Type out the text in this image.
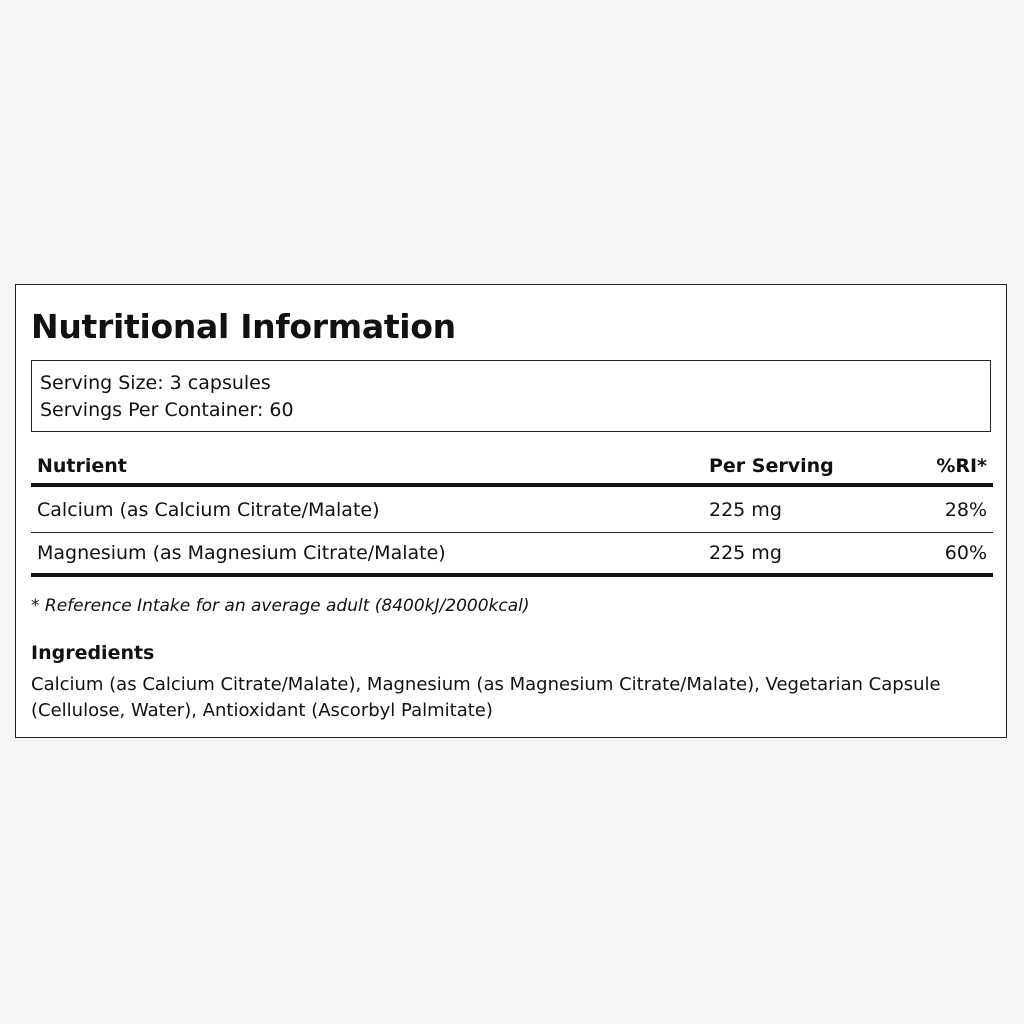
Nutritional Information
Serving Size: 3 capsules
Servings Per Container: 60
Nutrient	Per Serving	%RI*
Calcium (as Calcium Citrate/Malate)	225 mg	28%
Magnesium (as Magnesium Citrate/Malate)	225 mg	60%
* Reference Intake for an average adult (8400kJ/2000kcal)
Ingredients
Calcium (as Calcium Citrate/Malate), Magnesium (as Magnesium Citrate/Malate), Vegetarian Capsule (Cellulose, Water), Antioxidant (Ascorbyl Palmitate)
